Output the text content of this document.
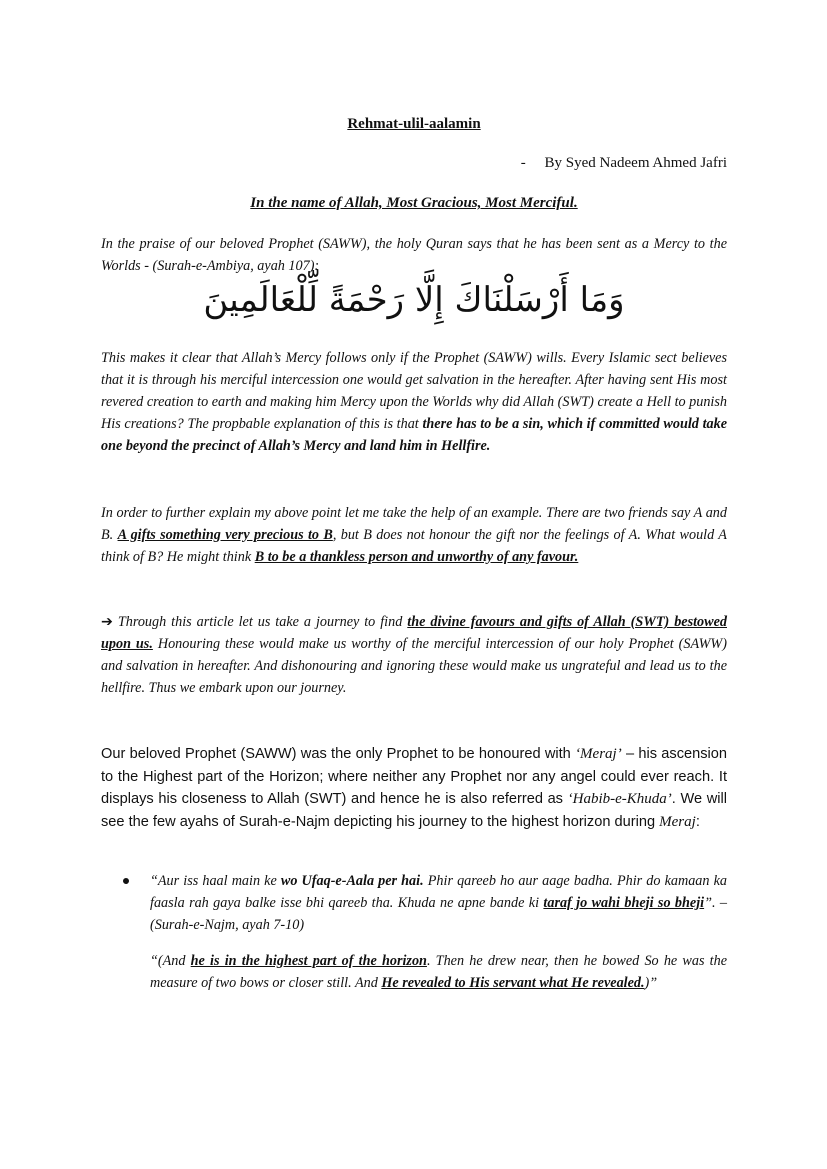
Rehmat-ulil-aalamin
-     By Syed Nadeem Ahmed Jafri
In the name of Allah, Most Gracious, Most Merciful.
In the praise of our beloved Prophet (SAWW), the holy Quran says that he has been sent as a Mercy to the Worlds - (Surah-e-Ambiya, ayah 107):
وَمَا أَرْسَلْنَاكَ إِلَّا رَحْمَةً لِّلْعَالَمِينَ
This makes it clear that Allah’s Mercy follows only if the Prophet (SAWW) wills. Every Islamic sect believes that it is through his merciful intercession one would get salvation in the hereafter. After having sent His most revered creation to earth and making him Mercy upon the Worlds why did Allah (SWT) create a Hell to punish His creations? The propbable explanation of this is that there has to be a sin, which if committed would take one beyond the precinct of Allah’s Mercy and land him in Hellfire.
In order to further explain my above point let me take the help of an example. There are two friends say A and B. A gifts something very precious to B, but B does not honour the gift nor the feelings of A. What would A think of B? He might think B to be a thankless person and unworthy of any favour.
➔ Through this article let us take a journey to find the divine favours and gifts of Allah (SWT) bestowed upon us. Honouring these would make us worthy of the merciful intercession of our holy Prophet (SAWW) and salvation in hereafter. And dishonouring and ignoring these would make us ungrateful and lead us to the hellfire. Thus we embark upon our journey.
Our beloved Prophet (SAWW) was the only Prophet to be honoured with ‘Meraj’ – his ascension to the Highest part of the Horizon; where neither any Prophet nor any angel could ever reach. It displays his closeness to Allah (SWT) and hence he is also referred as ‘Habib-e-Khuda’. We will see the few ayahs of Surah-e-Najm depicting his journey to the highest horizon during Meraj:
“Aur iss haal main ke wo Ufaq-e-Aala per hai. Phir qareeb ho aur aage badha. Phir do kamaan ka faasla rah gaya balke isse bhi qareeb tha. Khuda ne apne bande ki taraf jo wahi bheji so bheji”. – (Surah-e-Najm, ayah 7-10)
“(And he is in the highest part of the horizon. Then he drew near, then he bowed So he was the measure of two bows or closer still. And He revealed to His servant what He revealed.)”
